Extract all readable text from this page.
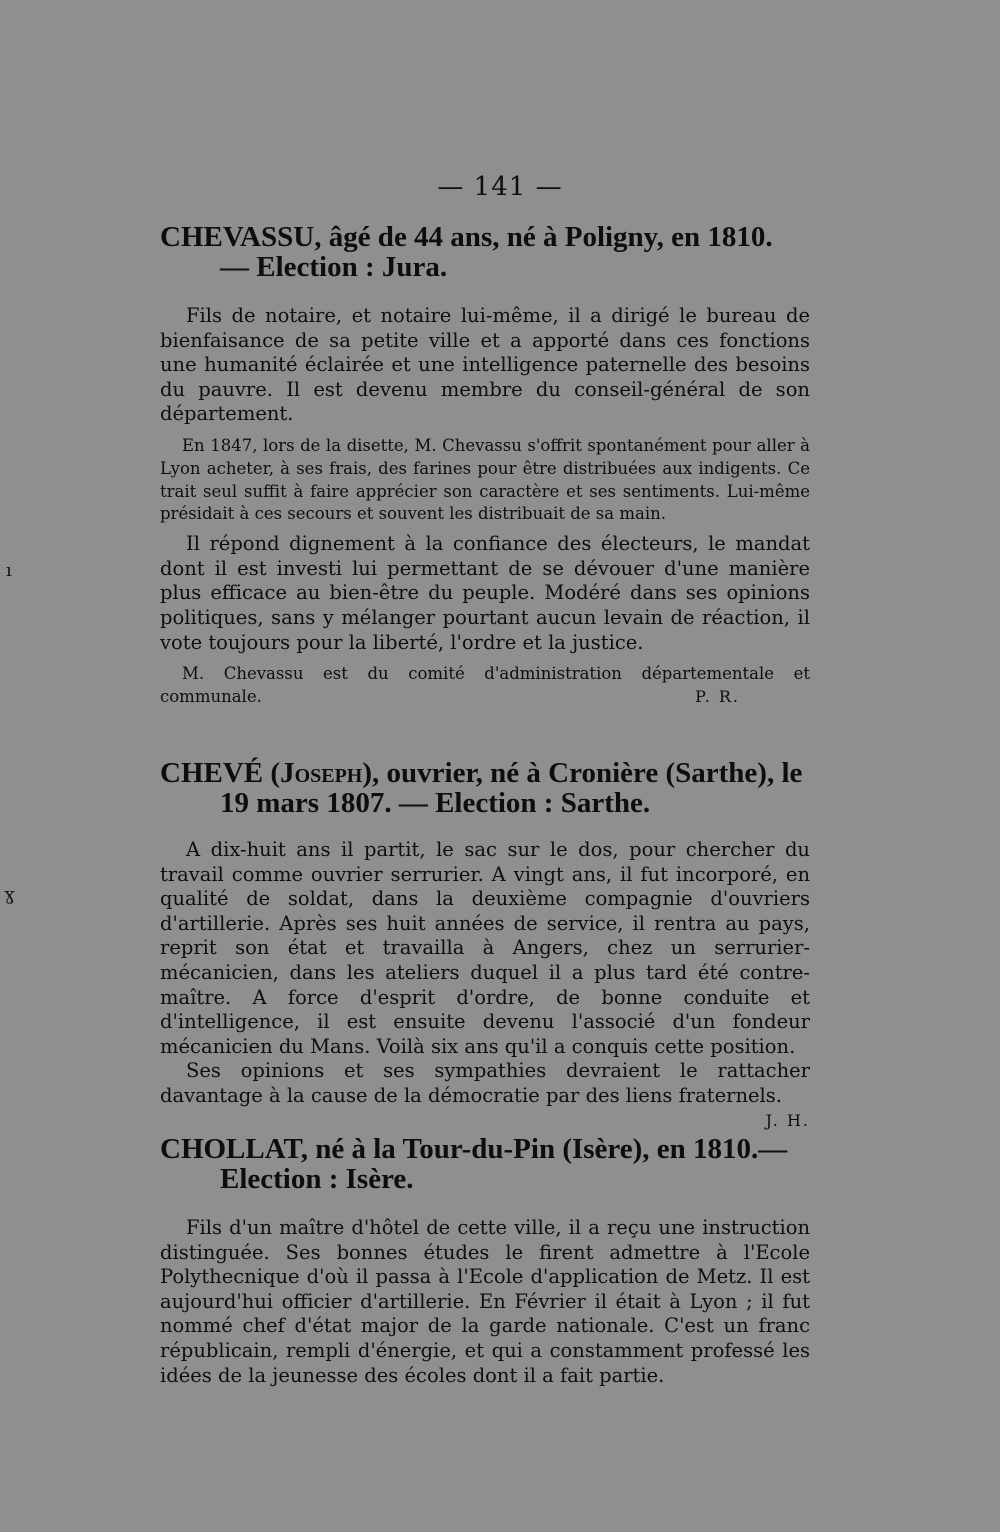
— 141 —
CHEVASSU, âgé de 44 ans, né à Poligny, en 1810.
— Election : Jura.

Fils de notaire, et notaire lui-même, il a dirigé le bureau de bienfaisance de sa petite ville et a apporté dans ces fonctions une humanité éclairée et une intelligence paternelle des besoins du pauvre. Il est devenu membre du conseil-général de son département.

En 1847, lors de la disette, M. Chevassu s'offrit spontanément pour aller à Lyon acheter, à ses frais, des farines pour être distribuées aux indigents. Ce trait seul suffit à faire apprécier son caractère et ses sentiments. Lui-même présidait à ces secours et souvent les distribuait de sa main.

Il répond dignement à la confiance des électeurs, le mandat dont il est investi lui permettant de se dévouer d'une manière plus efficace au bien-être du peuple. Modéré dans ses opinions politiques, sans y mélanger pourtant aucun levain de réaction, il vote toujours pour la liberté, l'ordre et la justice.

M. Chevassu est du comité d'administration départementale et communale.	P. R.

CHEVÉ (Joseph), ouvrier, né à Cronière (Sarthe), le
19 mars 1807. — Election : Sarthe.

A dix-huit ans il partit, le sac sur le dos, pour chercher du travail comme ouvrier serrurier. A vingt ans, il fut incorporé, en qualité de soldat, dans la deuxième compagnie d'ouvriers d'artillerie. Après ses huit années de service, il rentra au pays, reprit son état et travailla à Angers, chez un serrurier-mécanicien, dans les ateliers duquel il a plus tard été contre-maître. A force d'esprit d'ordre, de bonne conduite et d'intelligence, il est ensuite devenu l'associé d'un fondeur mécanicien du Mans. Voilà six ans qu'il a conquis cette position.

Ses opinions et ses sympathies devraient le rattacher davantage à la cause de la démocratie par des liens fraternels.
J. H.

CHOLLAT, né à la Tour-du-Pin (Isère), en 1810.—
Election : Isère.

Fils d'un maître d'hôtel de cette ville, il a reçu une instruction distinguée. Ses bonnes études le firent admettre à l'Ecole Polythecnique d'où il passa à l'Ecole d'application de Metz. Il est aujourd'hui officier d'artillerie. En Février il était à Lyon ; il fut nommé chef d'état major de la garde nationale. C'est un franc républicain, rempli d'énergie, et qui a constamment professé les idées de la jeunesse des écoles dont il a fait partie.

ı
ɣ
